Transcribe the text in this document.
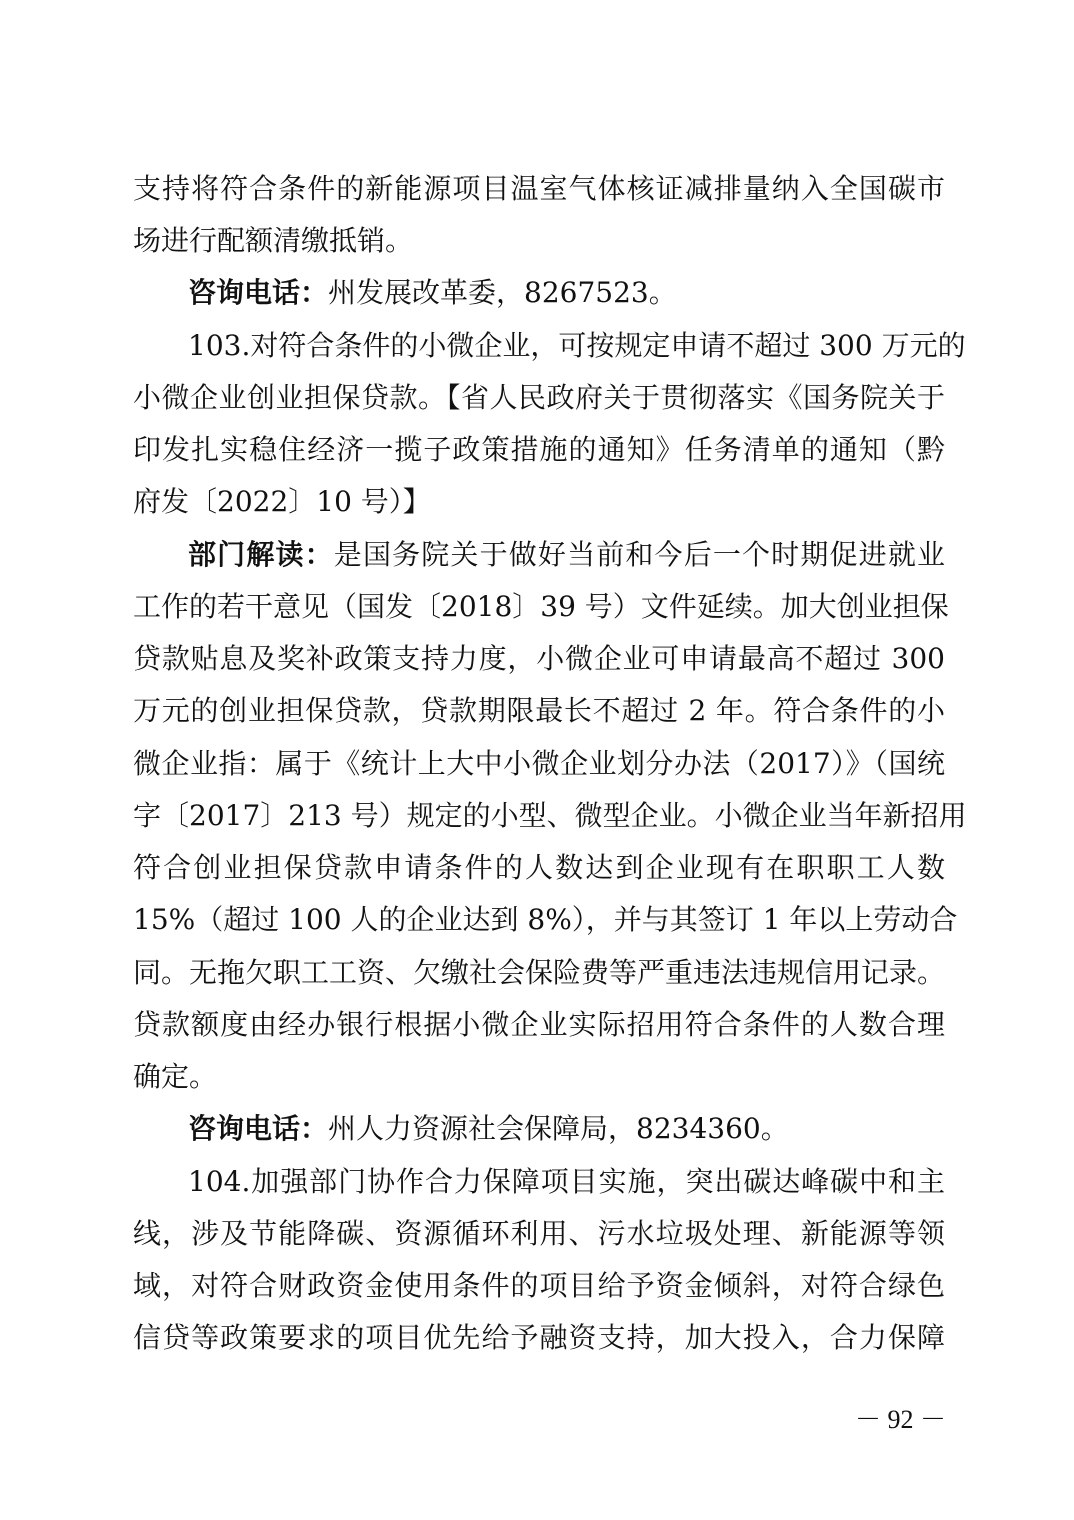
支持将符合条件的新能源项目温室气体核证减排量纳入全国碳市
场进行配额清缴抵销。
咨询电话：州发展改革委，8267523。
103.对符合条件的小微企业，可按规定申请不超过 300 万元的
小微企业创业担保贷款。【省人民政府关于贯彻落实《国务院关于
印发扎实稳住经济一揽子政策措施的通知》任务清单的通知（黔
府发〔2022〕10 号）】
部门解读：是国务院关于做好当前和今后一个时期促进就业
工作的若干意见（国发〔2018〕39 号）文件延续。加大创业担保
贷款贴息及奖补政策支持力度，小微企业可申请最高不超过 300
万元的创业担保贷款，贷款期限最长不超过 2 年。符合条件的小
微企业指：属于《统计上大中小微企业划分办法（2017）》（国统
字〔2017〕213 号）规定的小型、微型企业。小微企业当年新招用
符合创业担保贷款申请条件的人数达到企业现有在职职工人数
15%（超过 100 人的企业达到 8%），并与其签订 1 年以上劳动合
同。无拖欠职工工资、欠缴社会保险费等严重违法违规信用记录。
贷款额度由经办银行根据小微企业实际招用符合条件的人数合理
确定。
咨询电话：州人力资源社会保障局，8234360。
104.加强部门协作合力保障项目实施，突出碳达峰碳中和主
线，涉及节能降碳、资源循环利用、污水垃圾处理、新能源等领
域，对符合财政资金使用条件的项目给予资金倾斜，对符合绿色
信贷等政策要求的项目优先给予融资支持，加大投入，合力保障
－ 92 －
